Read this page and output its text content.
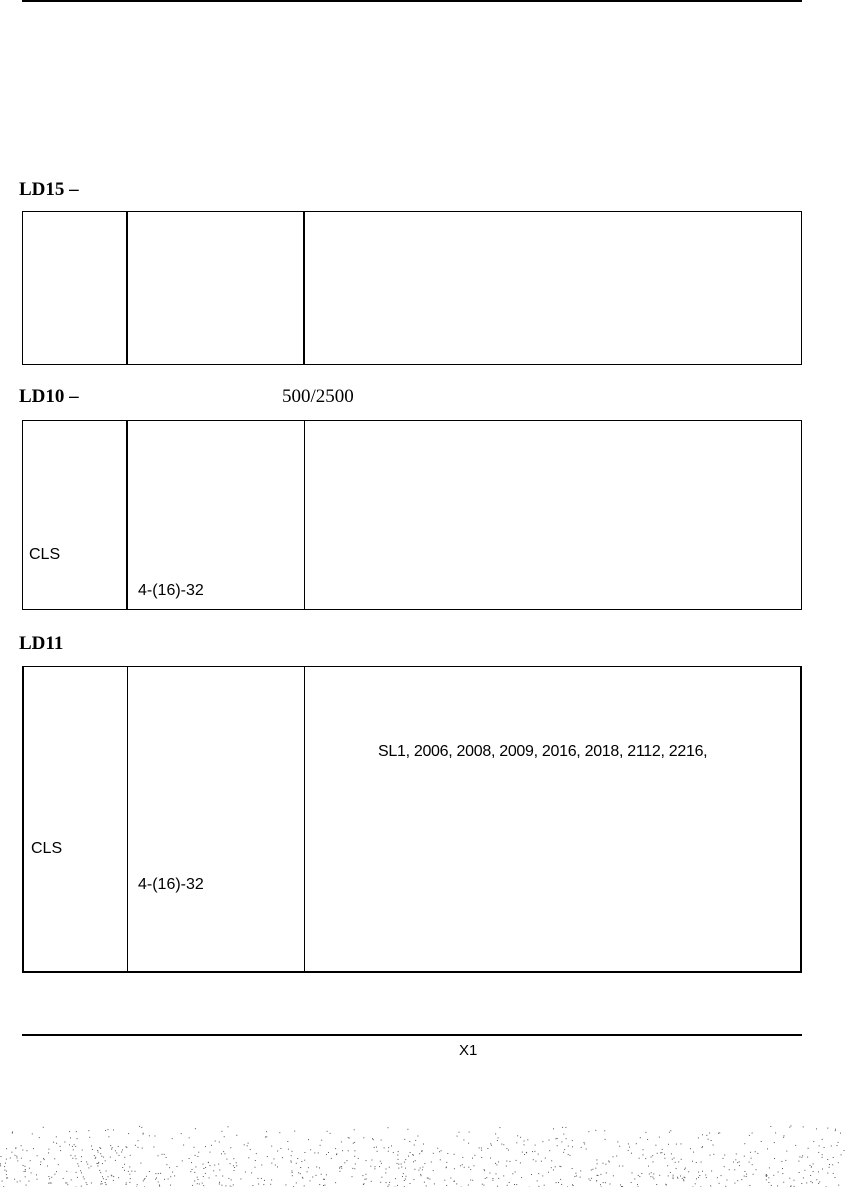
LD15 –
LD10 –	500/2500
CLS
4-(16)-32
LD11
SL1, 2006, 2008, 2009, 2016, 2018, 2112, 2216,
CLS
4-(16)-32
X1
